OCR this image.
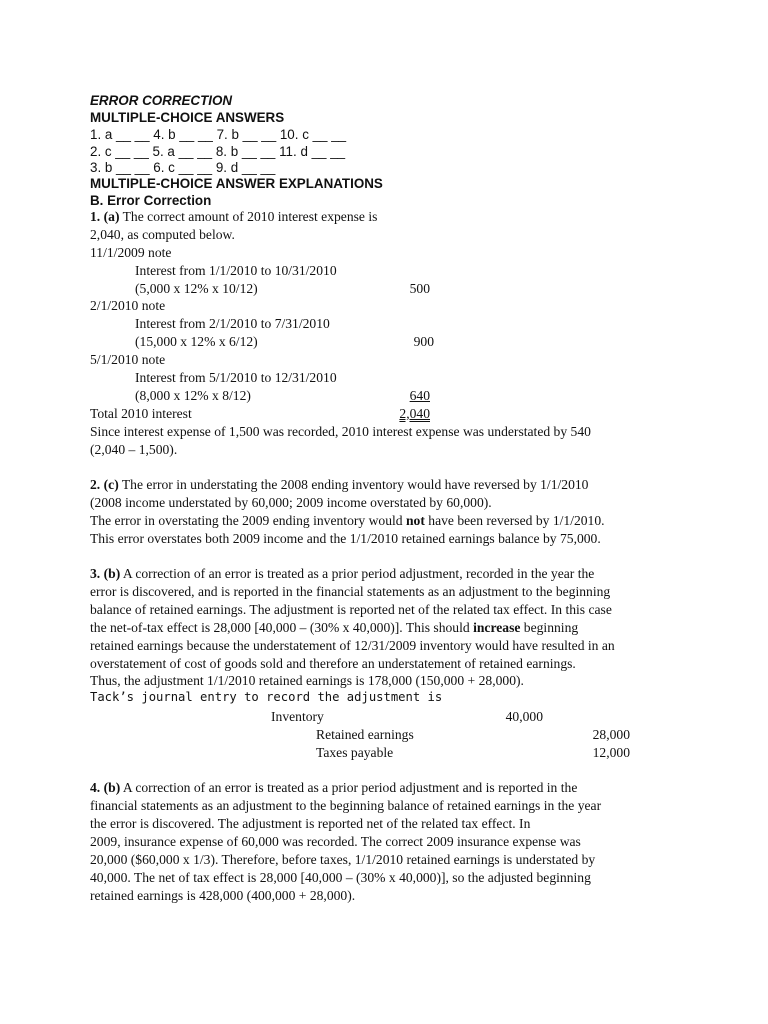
ERROR CORRECTION
MULTIPLE-CHOICE ANSWERS
1. a __ __ 4. b __ __ 7. b __ __ 10. c __ __
2. c __ __ 5. a __ __ 8. b __ __ 11. d __ __
3. b __ __ 6. c __ __ 9. d __ __
MULTIPLE-CHOICE ANSWER EXPLANATIONS
B. Error Correction
1. (a) The correct amount of 2010 interest expense is
2,040, as computed below.
11/1/2009 note
Interest from 1/1/2010 to 10/31/2010
(5,000 x 12% x 10/12)	500
2/1/2010 note
Interest from 2/1/2010 to 7/31/2010
(15,000 x 12% x 6/12)	900
5/1/2010 note
Interest from 5/1/2010 to 12/31/2010
(8,000 x 12% x 8/12)	640
Total 2010 interest	2,040
Since interest expense of 1,500 was recorded, 2010 interest expense was understated by 540
(2,040 – 1,500).
2. (c) The error in understating the 2008 ending inventory would have reversed by 1/1/2010
(2008 income understated by 60,000; 2009 income overstated by 60,000).
The error in overstating the 2009 ending inventory would not have been reversed by 1/1/2010.
This error overstates both 2009 income and the 1/1/2010 retained earnings balance by 75,000.
3. (b) A correction of an error is treated as a prior period adjustment, recorded in the year the
error is discovered, and is reported in the financial statements as an adjustment to the beginning
balance of retained earnings. The adjustment is reported net of the related tax effect. In this case
the net-of-tax effect is 28,000 [40,000 – (30% x 40,000)]. This should increase beginning
retained earnings because the understatement of 12/31/2009 inventory would have resulted in an
overstatement of cost of goods sold and therefore an understatement of retained earnings.
Thus, the adjustment 1/1/2010 retained earnings is 178,000 (150,000 + 28,000).
Tack’s journal entry to record the adjustment is
Inventory	40,000
Retained earnings	28,000
Taxes payable	12,000
4. (b) A correction of an error is treated as a prior period adjustment and is reported in the
financial statements as an adjustment to the beginning balance of retained earnings in the year
the error is discovered. The adjustment is reported net of the related tax effect. In
2009, insurance expense of 60,000 was recorded. The correct 2009 insurance expense was
20,000 ($60,000 x 1/3). Therefore, before taxes, 1/1/2010 retained earnings is understated by
40,000. The net of tax effect is 28,000 [40,000 – (30% x 40,000)], so the adjusted beginning
retained earnings is 428,000 (400,000 + 28,000).
